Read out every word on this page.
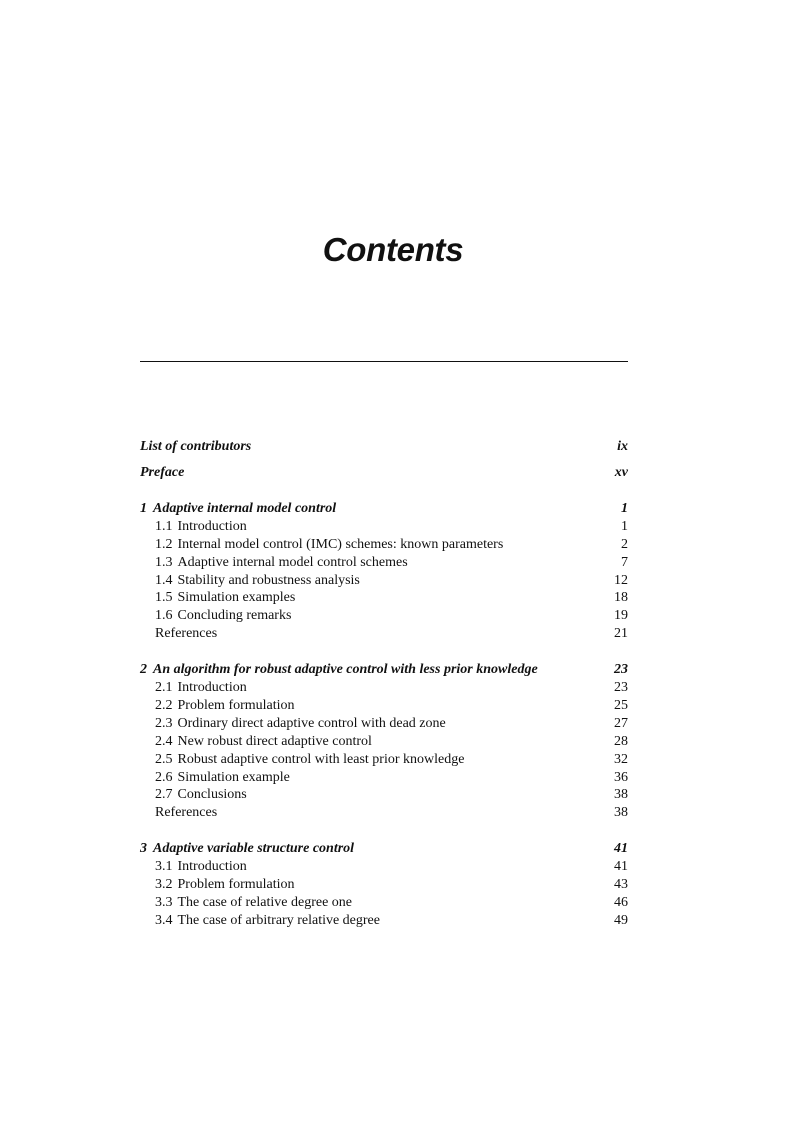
Contents
List of contributors	ix
Preface	xv
1 Adaptive internal model control	1
1.1 Introduction	1
1.2 Internal model control (IMC) schemes: known parameters	2
1.3 Adaptive internal model control schemes	7
1.4 Stability and robustness analysis	12
1.5 Simulation examples	18
1.6 Concluding remarks	19
References	21
2 An algorithm for robust adaptive control with less prior knowledge	23
2.1 Introduction	23
2.2 Problem formulation	25
2.3 Ordinary direct adaptive control with dead zone	27
2.4 New robust direct adaptive control	28
2.5 Robust adaptive control with least prior knowledge	32
2.6 Simulation example	36
2.7 Conclusions	38
References	38
3 Adaptive variable structure control	41
3.1 Introduction	41
3.2 Problem formulation	43
3.3 The case of relative degree one	46
3.4 The case of arbitrary relative degree	49
